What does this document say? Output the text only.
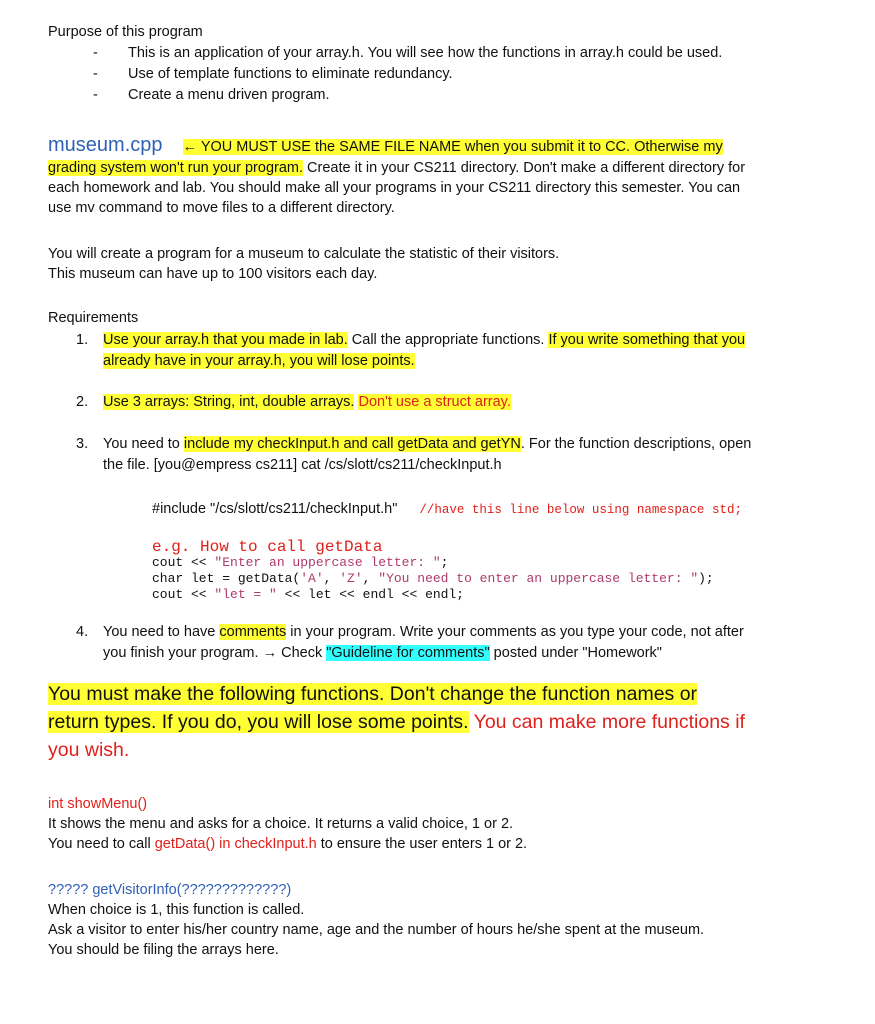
Purpose of this program

- This is an application of your array.h. You will see how the functions in array.h could be used.
- Use of template functions to eliminate redundancy.
- Create a menu driven program.

museum.cpp ← YOU MUST USE the SAME FILE NAME when you submit it to CC. Otherwise my

grading system won't run your program. Create it in your CS211 directory. Don't make a different directory for

each homework and lab. You should make all your programs in your CS211 directory this semester. You can

use mv command to move files to a different directory.

You will create a program for a museum to calculate the statistic of their visitors.

This museum can have up to 100 visitors each day.

Requirements

1. Use your array.h that you made in lab. Call the appropriate functions. If you write something that you
already have in your array.h, you will lose points.
2. Use 3 arrays: String, int, double arrays. Don't use a struct array.
3. You need to include my checkInput.h and call getData and getYN. For the function descriptions, open
the file. [you@empress cs211] cat /cs/slott/cs211/checkInput.h
#include "/cs/slott/cs211/checkInput.h" //have this line below using namespace std;
e.g. How to call getData
cout << "Enter an uppercase letter: ";
char let = getData('A', 'Z', "You need to enter an uppercase letter: ");
cout << "let = " << let << endl << endl;
4. You need to have comments in your program. Write your comments as you type your code, not after
you finish your program. → Check "Guideline for comments" posted under "Homework"

You must make the following functions. Don't change the function names or
return types. If you do, you will lose some points. You can make more functions if
you wish.

int showMenu()

It shows the menu and asks for a choice. It returns a valid choice, 1 or 2.

You need to call getData() in checkInput.h to ensure the user enters 1 or 2.

????? getVisitorInfo(?????????????)

When choice is 1, this function is called.

Ask a visitor to enter his/her country name, age and the number of hours he/she spent at the museum.

You should be filing the arrays here.
